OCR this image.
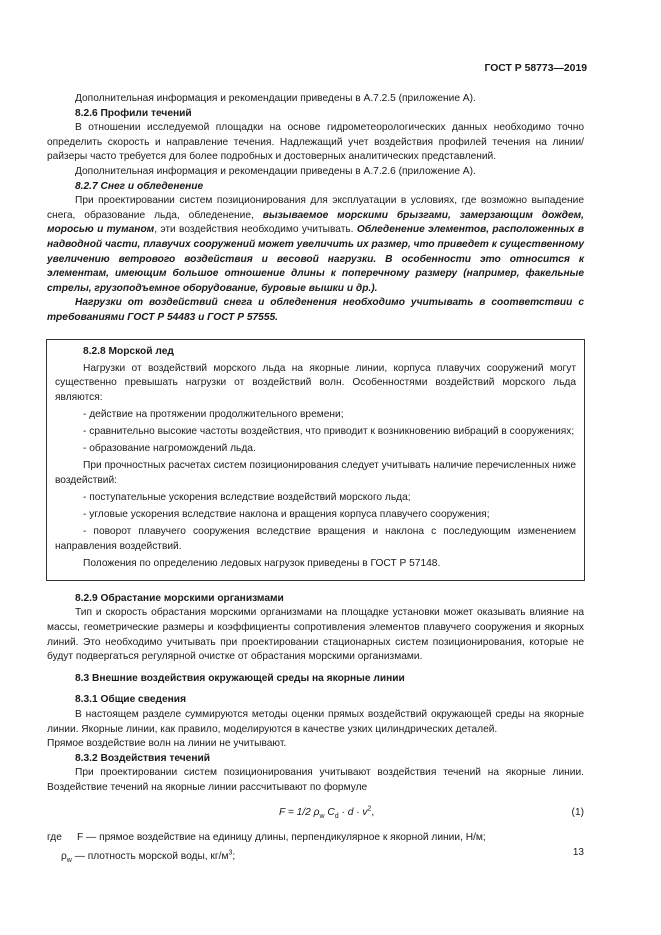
ГОСТ Р 58773—2019

Дополнительная информация и рекомендации приведены в А.7.2.5 (приложение А).

8.2.6 Профили течений

В отношении исследуемой площадки на основе гидрометеорологических данных необходимо точно определить скорость и направление течения. Надлежащий учет воздействия профилей течения на линии/райзеры часто требуется для более подробных и достоверных аналитических представлений.

Дополнительная информация и рекомендации приведены в А.7.2.6 (приложение А).

8.2.7 Снег и обледенение

При проектировании систем позиционирования для эксплуатации в условиях, где возможно выпадение снега, образование льда, обледенение, вызываемое морскими брызгами, замерзающим дождем, моросью и туманом, эти воздействия необходимо учитывать. Обледенение элементов, расположенных в надводной части, плавучих сооружений может увеличить их размер, что приведет к существенному увеличению ветрового воздействия и весовой нагрузки. В особенности это относится к элементам, имеющим большое отношение длины к поперечному размеру (например, факельные стрелы, грузоподъемное оборудование, буровые вышки и др.).

Нагрузки от воздействий снега и обледенения необходимо учитывать в соответствии с требованиями ГОСТ Р 54483 и ГОСТ Р 57555.

8.2.8 Морской лед

Нагрузки от воздействий морского льда на якорные линии, корпуса плавучих сооружений могут существенно превышать нагрузки от воздействий волн. Особенностями воздействий морского льда являются:

- действие на протяжении продолжительного времени;

- сравнительно высокие частоты воздействия, что приводит к возникновению вибраций в сооружениях;

- образование нагромождений льда.

При прочностных расчетах систем позиционирования следует учитывать наличие перечисленных ниже воздействий:

- поступательные ускорения вследствие воздействий морского льда;

- угловые ускорения вследствие наклона и вращения корпуса плавучего сооружения;

- поворот плавучего сооружения вследствие вращения и наклона с последующим изменением направления воздействий.

Положения по определению ледовых нагрузок приведены в ГОСТ Р 57148.

8.2.9 Обрастание морскими организмами

Тип и скорость обрастания морскими организмами на площадке установки может оказывать влияние на массы, геометрические размеры и коэффициенты сопротивления элементов плавучего сооружения и якорных линий. Это необходимо учитывать при проектировании стационарных систем позиционирования, которые не будут подвергаться регулярной очистке от обрастания морскими организмами.

8.3 Внешние воздействия окружающей среды на якорные линии

8.3.1 Общие сведения

В настоящем разделе суммируются методы оценки прямых воздействий окружающей среды на якорные линии. Якорные линии, как правило, моделируются в качестве узких цилиндрических деталей.

Прямое воздействие волн на линии не учитывают.

8.3.2 Воздействия течений

При проектировании систем позиционирования учитывают воздействия течений на якорные линии. Воздействие течений на якорные линии рассчитывают по формуле

F = 1/2 $\rho_w$ $C_d \cdot d \cdot v^2$,	(1)

где F — прямое воздействие на единицу длины, перпендикулярное к якорной линии, Н/м;

$\rho_w$ — плотность морской воды, $кг/м^3$;	13
